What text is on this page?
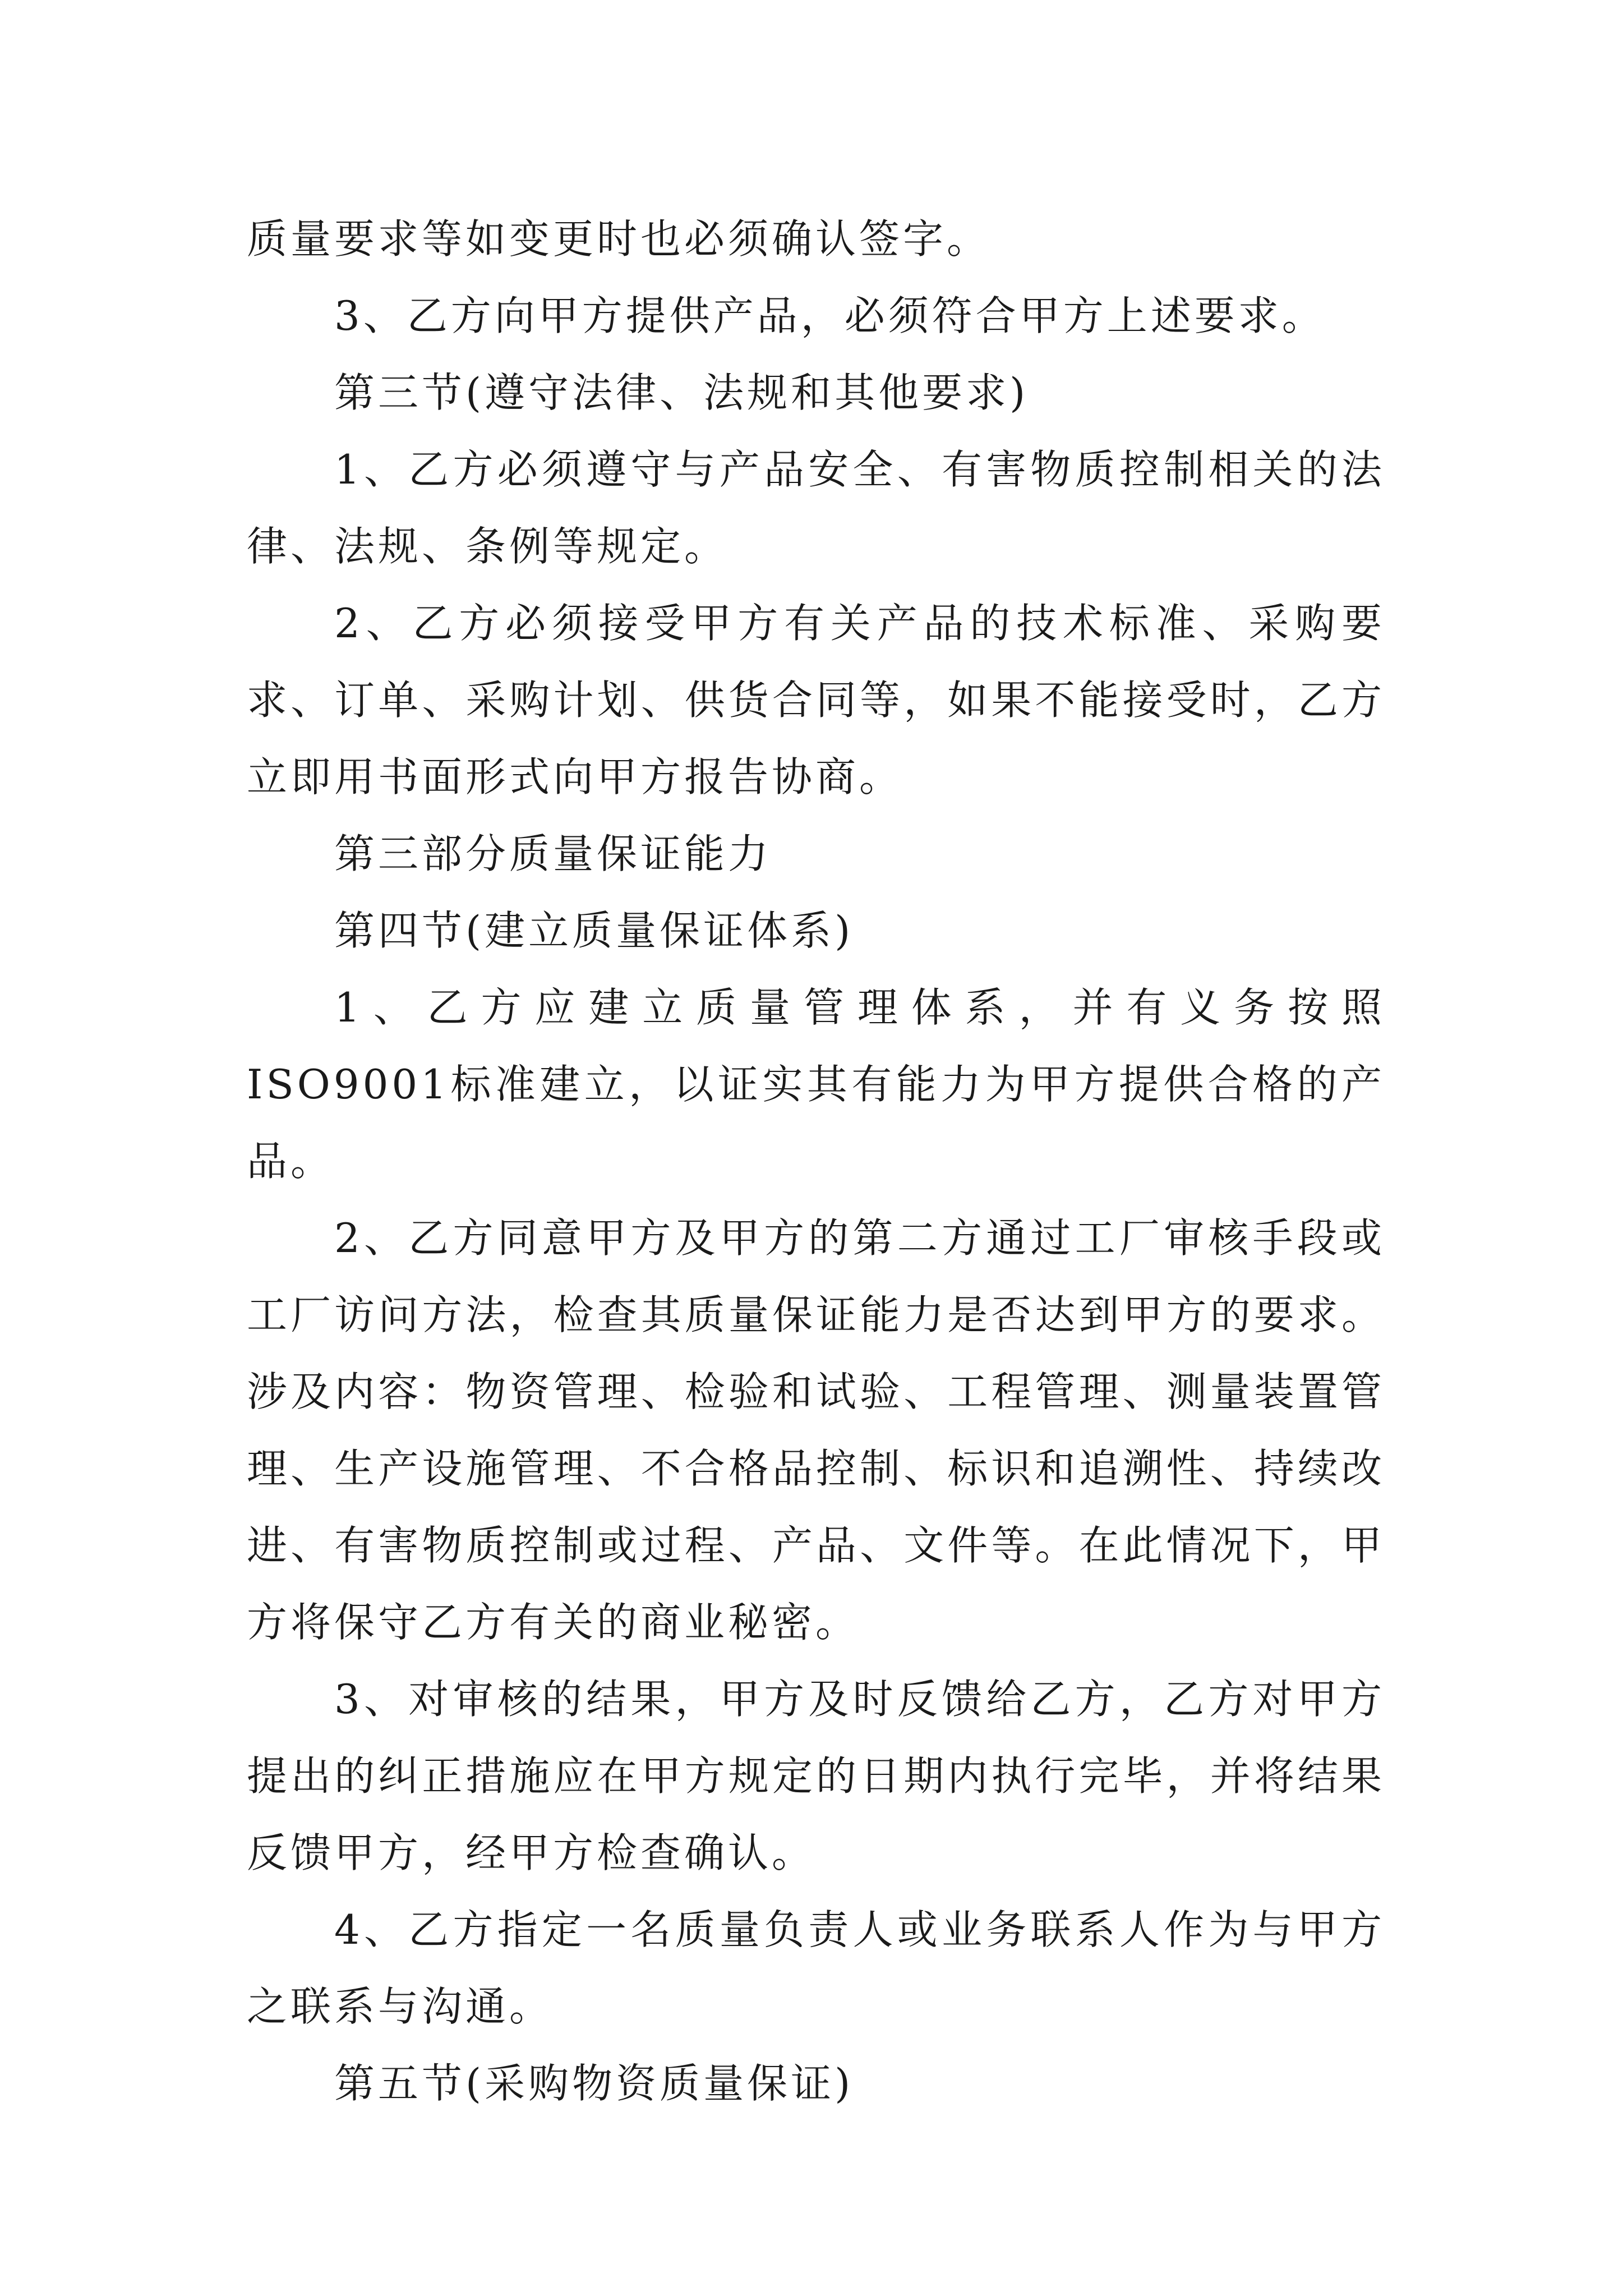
质量要求等如变更时也必须确认签字。

3、乙方向甲方提供产品，必须符合甲方上述要求。

第三节(遵守法律、法规和其他要求)

1、乙方必须遵守与产品安全、有害物质控制相关的法律、法规、条例等规定。

2、乙方必须接受甲方有关产品的技术标准、采购要求、订单、采购计划、供货合同等，如果不能接受时，乙方立即用书面形式向甲方报告协商。

第三部分质量保证能力

第四节(建立质量保证体系)

1、乙方应建立质量管理体系，并有义务按照ISO9001标准建立，以证实其有能力为甲方提供合格的产品。

2、乙方同意甲方及甲方的第二方通过工厂审核手段或工厂访问方法，检查其质量保证能力是否达到甲方的要求。涉及内容：物资管理、检验和试验、工程管理、测量装置管理、生产设施管理、不合格品控制、标识和追溯性、持续改进、有害物质控制或过程、产品、文件等。在此情况下，甲方将保守乙方有关的商业秘密。

3、对审核的结果，甲方及时反馈给乙方，乙方对甲方提出的纠正措施应在甲方规定的日期内执行完毕，并将结果反馈甲方，经甲方检查确认。

4、乙方指定一名质量负责人或业务联系人作为与甲方之联系与沟通。

第五节(采购物资质量保证)
